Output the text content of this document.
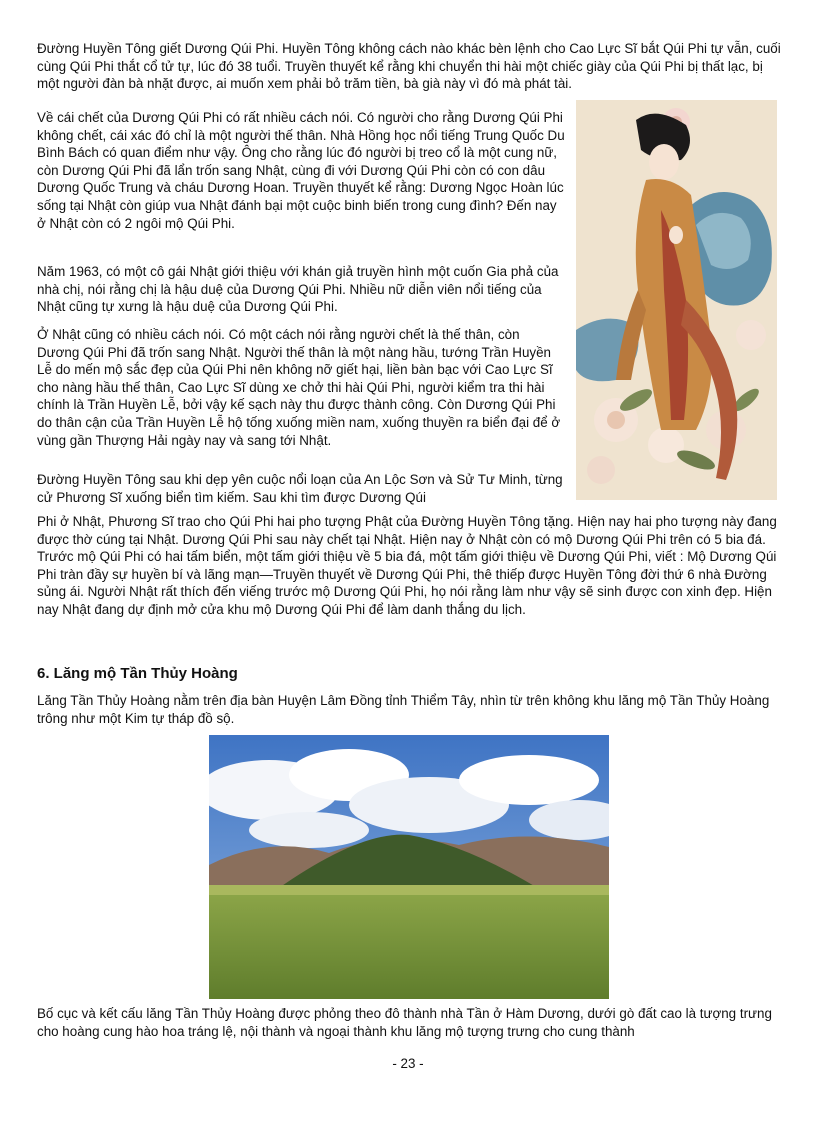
Đường Huyền Tông giết Dương Qúi Phi. Huyền Tông không cách nào khác bèn lệnh cho Cao Lực Sĩ bắt Qúi Phi tự vẫn, cuối cùng Qúi Phi thắt cổ tử tự, lúc đó 38 tuổi. Truyền thuyết kể rằng khi chuyển thi hài một chiếc giày của Qúi Phi bị thất lạc, bị một người đàn bà nhặt được, ai muốn xem phải bỏ trăm tiền, bà già này vì đó mà phát tài.

Về cái chết của Dương Qúi Phi có rất nhiều cách nói. Có người cho rằng Dương Qúi Phi không chết, cái xác đó chỉ là một người thế thân. Nhà Hồng học nổi tiếng Trung Quốc Du Bình Bách có quan điểm như vậy. Ông cho rằng lúc đó người bị treo cổ là một cung nữ, còn Dương Qúi Phi đã lẩn trốn sang Nhật, cùng đi với Dương Qúi Phi còn có con dâu Dương Quốc Trung và cháu Dương Hoan. Truyền thuyết kể rằng: Dương Ngọc Hoàn lúc sống tại Nhật còn giúp vua Nhật đánh bại một cuộc binh biến trong cung đình? Đến nay ở Nhật còn có 2 ngôi mộ Qúi Phi.

Năm 1963, có một cô gái Nhật giới thiệu với khán giả truyền hình một cuốn Gia phả của nhà chị, nói rằng chị là hậu duệ của Dương Qúi Phi. Nhiều nữ diễn viên nổi tiếng của Nhật cũng tự xưng là hậu duệ của Dương Qúi Phi.

Ở Nhật cũng có nhiều cách nói. Có một cách nói rằng người chết là thế thân, còn Dương Qúi Phi đã trốn sang Nhật. Người thế thân là một nàng hầu, tướng Trần Huyền Lễ do mến mộ sắc đẹp của Qúi Phi nên không nỡ giết hại, liền bàn bạc với Cao Lực Sĩ cho nàng hầu thế thân, Cao Lực Sĩ dùng xe chở thi hài Qúi Phi, người kiểm tra thi hài chính là Trần Huyền Lễ, bởi vậy kế sạch này thu được thành công. Còn Dương Qúi Phi do thân cận của Trần Huyền Lễ hộ tống xuống miền nam, xuống thuyền ra biển đại để ở vùng gần Thượng Hải ngày nay và sang tới Nhật.

Đường Huyền Tông sau khi dẹp yên cuộc nổi loạn của An Lộc Sơn và Sử Tư Minh, từng cử Phương Sĩ xuống biển tìm kiếm. Sau khi tìm được Dương Qúi

Phi ở Nhật, Phương Sĩ trao cho Qúi Phi hai pho tượng Phật của Đường Huyền Tông tặng. Hiện nay hai pho tượng này đang được thờ cúng tại Nhật. Dương Qúi Phi sau này chết tại Nhật. Hiện nay ở Nhật còn có mộ Dương Qúi Phi trên có 5 bia đá. Trước mộ Qúi Phi có hai tấm biển, một tấm giới thiệu về 5 bia đá, một tấm giới thiệu về Dương Qúi Phi, viết : Mộ Dương Qúi Phi tràn đầy sự huyền bí và lãng mạn—Truyền thuyết về Dương Qúi Phi, thê thiếp được Huyền Tông đời thứ 6 nhà Đường sủng ái. Người Nhật rất thích đến viếng trước mộ Dương Qúi Phi, họ nói rằng làm như vậy sẽ sinh được con xinh đẹp. Hiện nay Nhật đang dự định mở cửa khu mộ Dương Qúi Phi để làm danh thắng du lịch.

6. Lăng mộ Tần Thủy Hoàng

Lăng Tần Thủy Hoàng nằm trên địa bàn Huyện Lâm Đồng tỉnh Thiểm Tây, nhìn từ trên không khu lăng mộ Tần Thủy Hoàng trông như một Kim tự tháp đồ sộ.

Bố cục và kết cấu lăng Tần Thủy Hoàng được phỏng theo đô thành nhà Tần ở Hàm Dương, dưới gò đất cao là tượng trưng cho hoàng cung hào hoa tráng lệ, nội thành và ngoại thành khu lăng mộ tượng trưng cho cung thành

- 23 -
